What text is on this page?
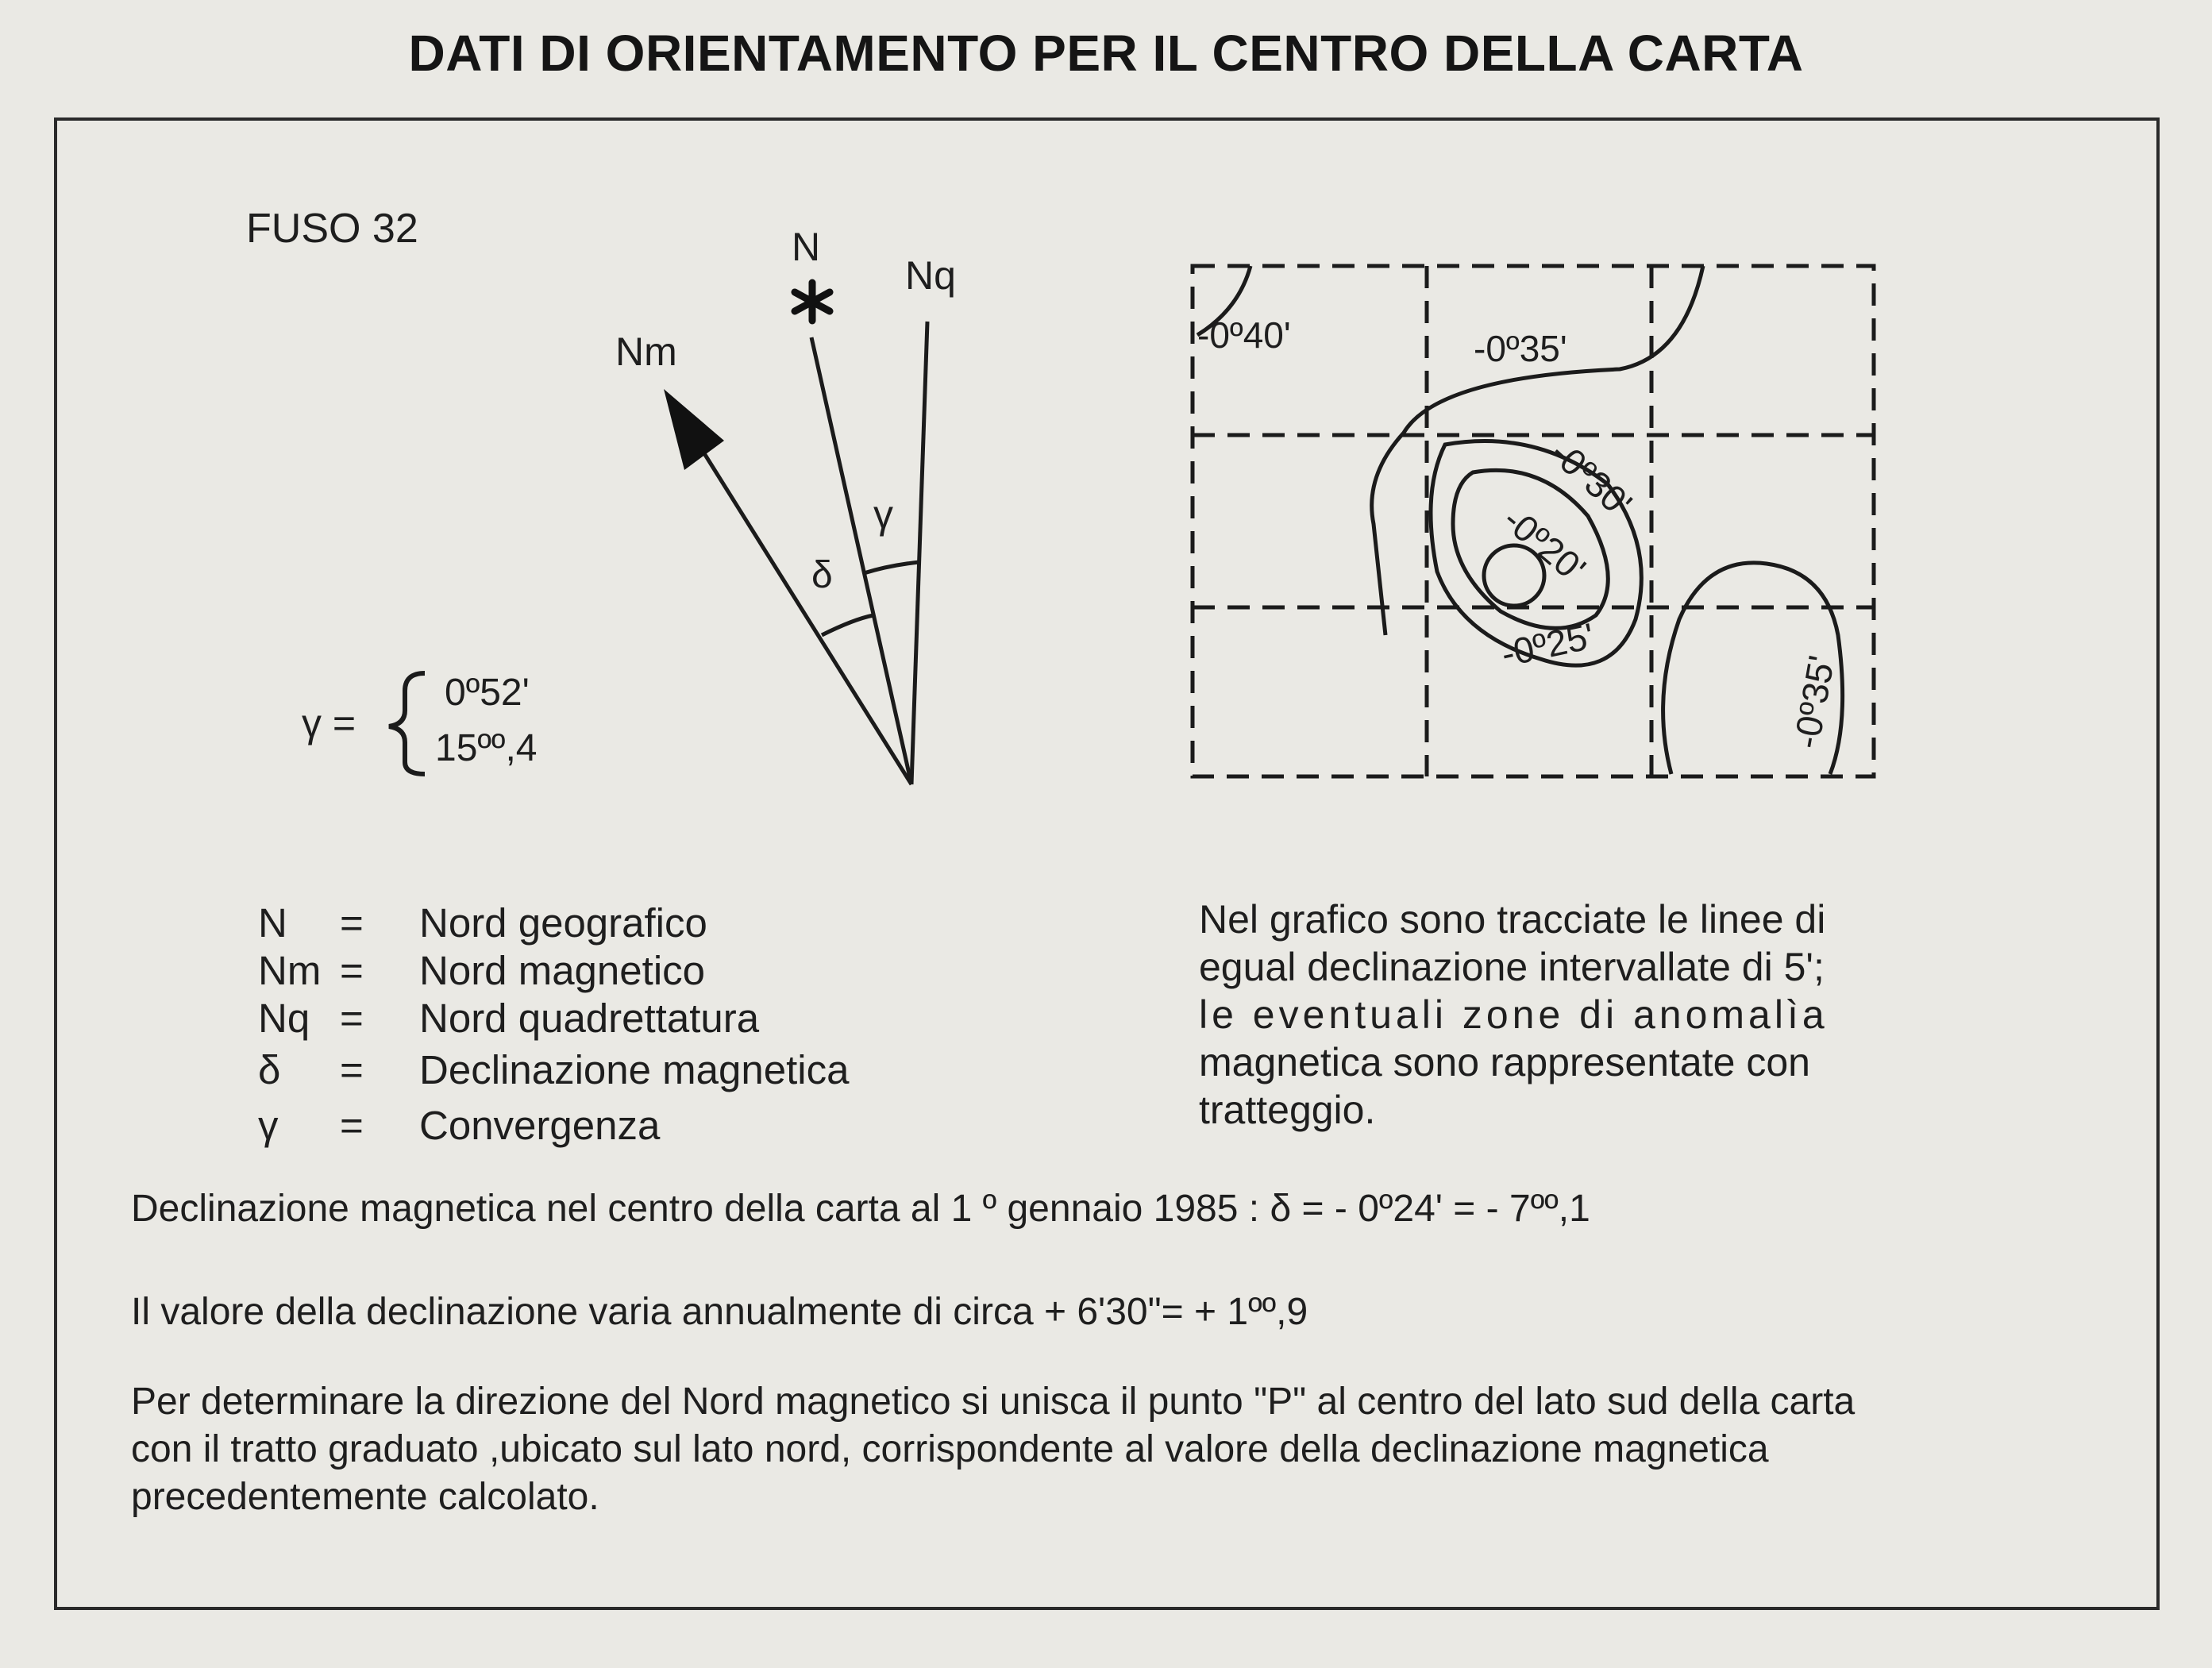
DATI DI ORIENTAMENTO PER IL CENTRO DELLA CARTA
FUSO 32	N
Nq
Nm
δ
γ
γ =
0º52'
15ºº,4
-0º40'	-0º35'
-0º30'
-0º20'
-0º25'
-0º35'
N = Nord geografico
Nm = Nord magnetico
Nq = Nord quadrettatura
δ = Declinazione magnetica
γ = Convergenza
Nel grafico sono tracciate le linee di
egual declinazione intervallate di 5';
le eventuali zone di anomalìa
magnetica sono rappresentate con
tratteggio.
Declinazione magnetica nel centro della carta al 1 º gennaio 1985 : δ = - 0º24' = - 7ºº,1
Il valore della declinazione varia annualmente di circa + 6'30"= + 1ºº,9
Per determinare la direzione del Nord magnetico si unisca il punto "P" al centro del lato sud della carta
con il tratto graduato ,ubicato sul lato nord, corrispondente al valore della declinazione magnetica
precedentemente calcolato.
